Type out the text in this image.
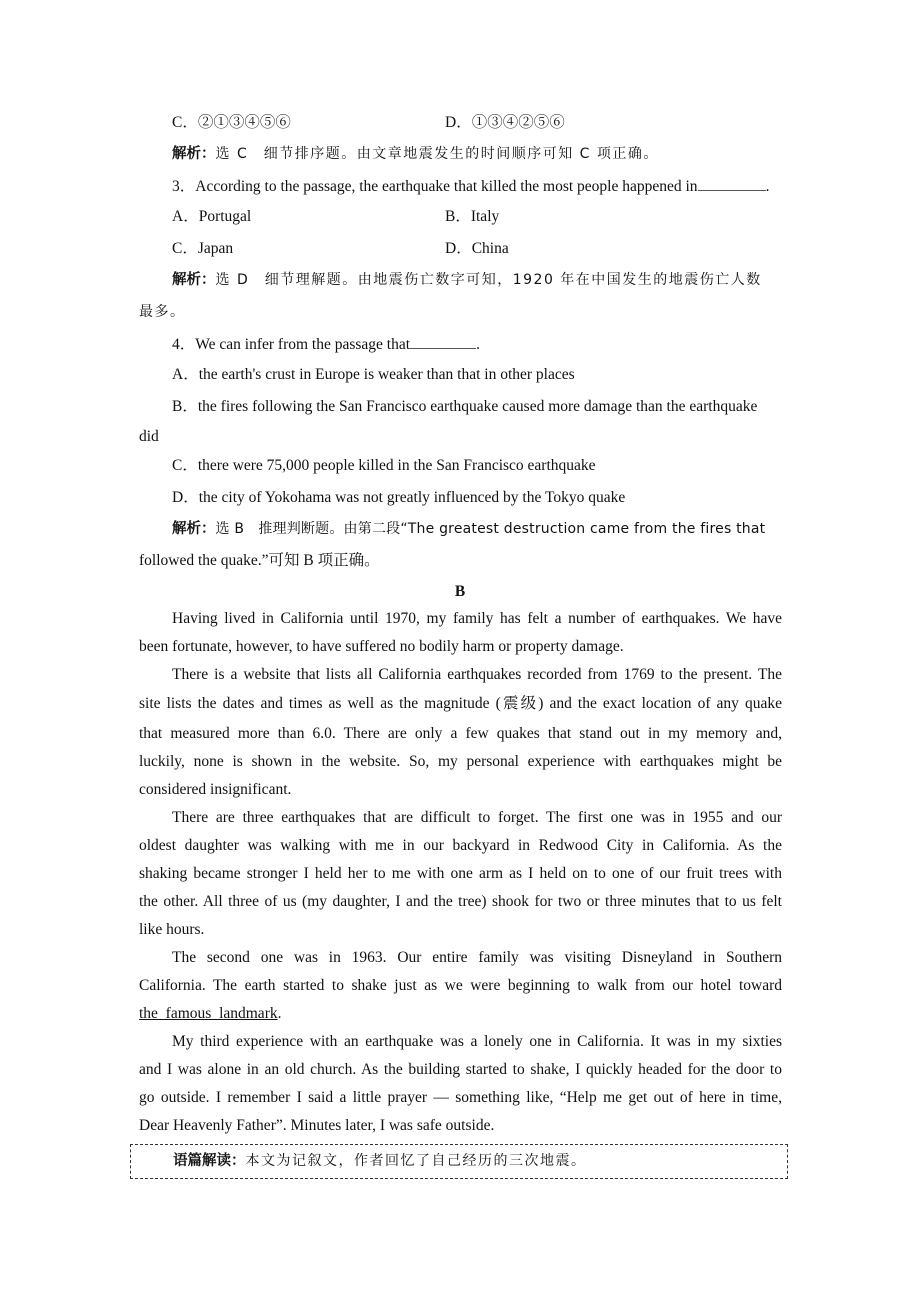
C．②①③④⑤⑥	D．①③④②⑤⑥
解析：选 C　细节排序题。由文章地震发生的时间顺序可知 C 项正确。
3．According to the passage, the earthquake that killed the most people happened in	.
A．Portugal	B．Italy
C．Japan	D．China
解析：选 D　细节理解题。由地震伤亡数字可知，1920 年在中国发生的地震伤亡人数
最多。
4．We can infer from the passage that	.
A．the earth's crust in Europe is weaker than that in other places
B．the fires following the San Francisco earthquake caused more damage than the earthquake
did
C．there were 75,000 people killed in the San Francisco earthquake
D．the city of Yokohama was not greatly influenced by the Tokyo quake
解析：选 B　推理判断题。由第二段“The greatest destruction came from the fires that
followed the quake.”可知 B 项正确。
B
Having lived in California until 1970, my family has felt a number of earthquakes. We have
been fortunate, however, to have suffered no bodily harm or property damage.
There is a website that lists all California earthquakes recorded from 1769 to the present. The
site lists the dates and times as well as the magnitude (震级) and the exact location of any quake
that measured more than 6.0. There are only a few quakes that stand out in my memory and,
luckily, none is shown in the website. So, my personal experience with earthquakes might be
considered insignificant.
There are three earthquakes that are difficult to forget. The first one was in 1955 and our
oldest daughter was walking with me in our backyard in Redwood City in California. As the
shaking became stronger I held her to me with one arm as I held on to one of our fruit trees with
the other. All three of us (my daughter, I and the tree) shook for two or three minutes that to us felt
like hours.
The second one was in 1963. Our entire family was visiting Disneyland in Southern
California. The earth started to shake just as we were beginning to walk from our hotel toward
the_famous_landmark.
My third experience with an earthquake was a lonely one in California. It was in my sixties
and I was alone in an old church. As the building started to shake, I quickly headed for the door to
go outside. I remember I said a little prayer — something like, “Help me get out of here in time,
Dear Heavenly Father”. Minutes later, I was safe outside.
语篇解读：本文为记叙文，作者回忆了自己经历的三次地震。
